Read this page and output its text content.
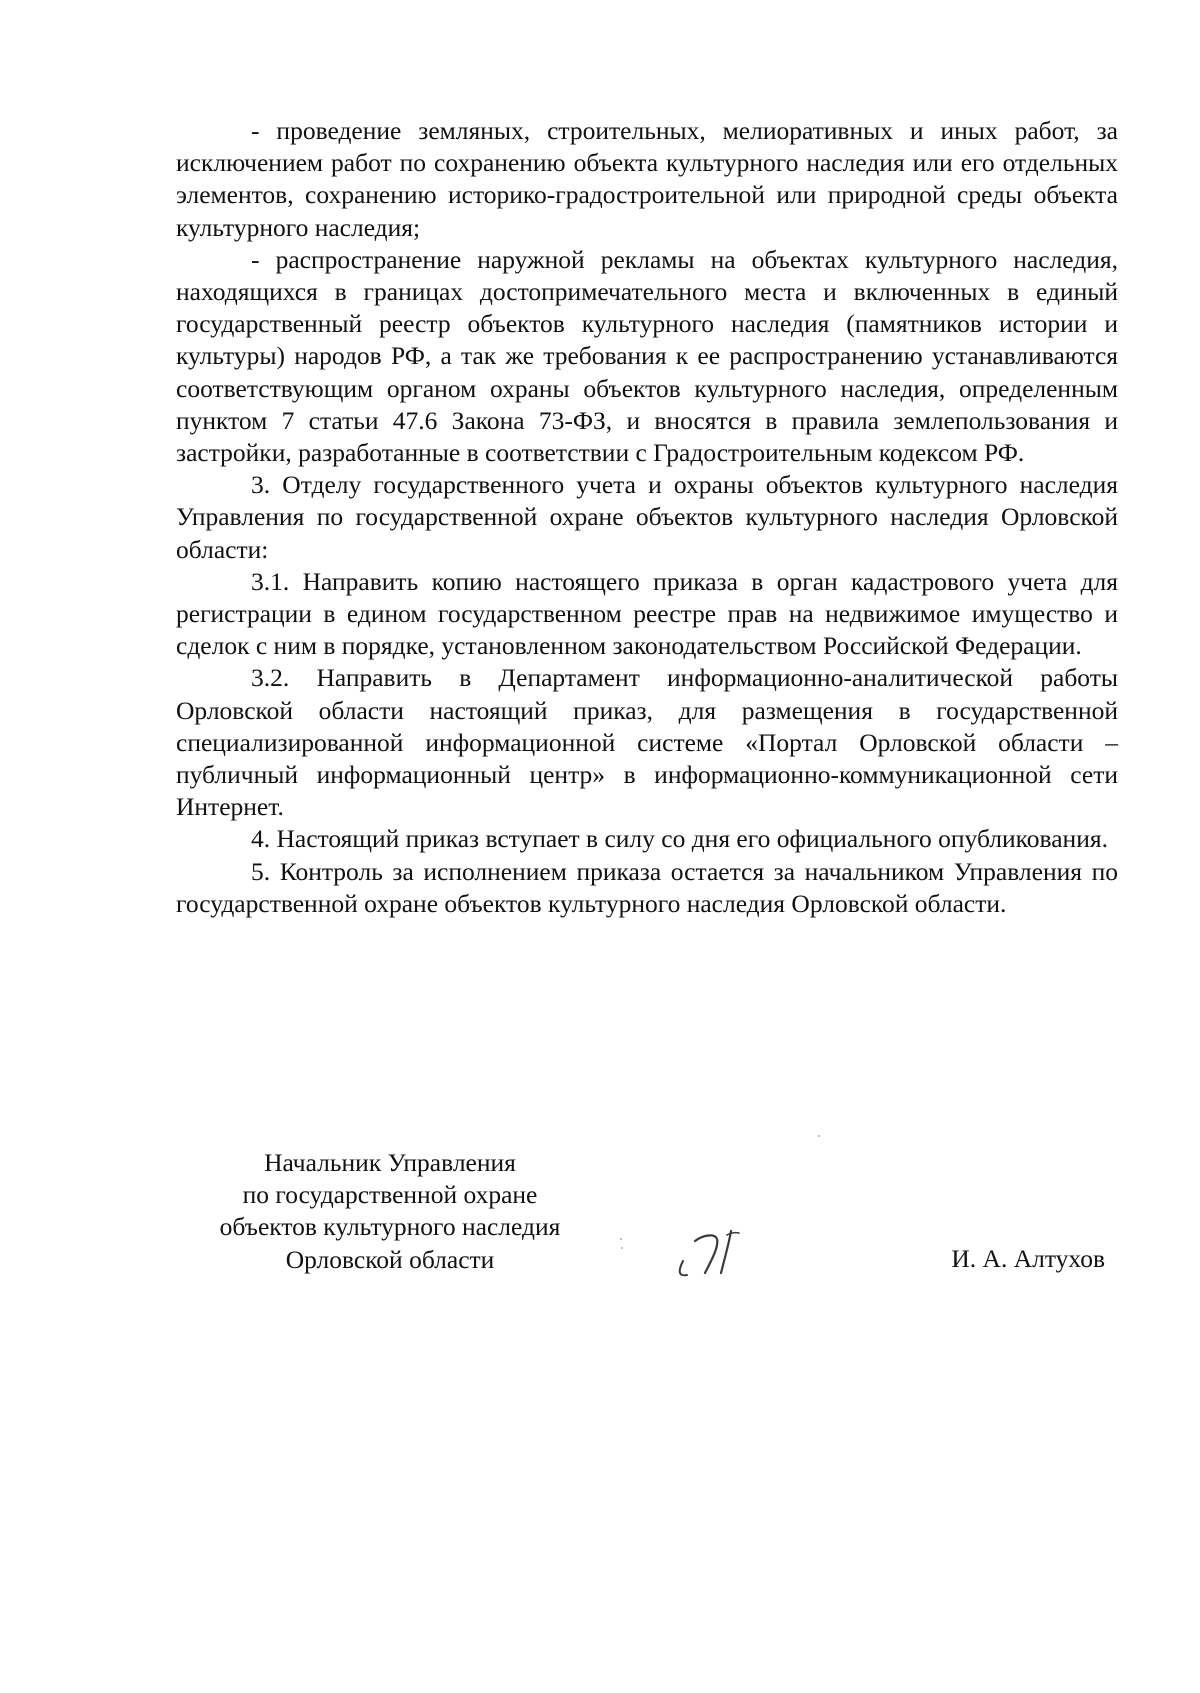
- проведение земляных, строительных, мелиоративных и иных работ, за исключением работ по сохранению объекта культурного наследия или его отдельных элементов, сохранению историко-градостроительной или природной среды объекта культурного наследия;

- распространение наружной рекламы на объектах культурного наследия, находящихся в границах достопримечательного места и включенных в единый государственный реестр объектов культурного наследия (памятников истории и культуры) народов РФ, а так же требования к ее распространению устанавливаются соответствующим органом охраны объектов культурного наследия, определенным пунктом 7 статьи 47.6 Закона 73-ФЗ, и вносятся в правила землепользования и застройки, разработанные в соответствии с Градостроительным кодексом РФ.

3. Отделу государственного учета и охраны объектов культурного наследия Управления по государственной охране объектов культурного наследия Орловской области:

3.1. Направить копию настоящего приказа в орган кадастрового учета для регистрации в едином государственном реестре прав на недвижимое имущество и сделок с ним в порядке, установленном законодательством Российской Федерации.

3.2. Направить в Департамент информационно-аналитической работы Орловской области настоящий приказ, для размещения в государственной специализированной информационной системе «Портал Орловской области – публичный информационный центр» в информационно-коммуникационной сети Интернет.

4. Настоящий приказ вступает в силу со дня его официального опубликования.

5. Контроль за исполнением приказа остается за начальником Управления по государственной охране объектов культурного наследия Орловской области.

Начальник Управления
по государственной охране
объектов культурного наследия
Орловской области	И. А. Алтухов
